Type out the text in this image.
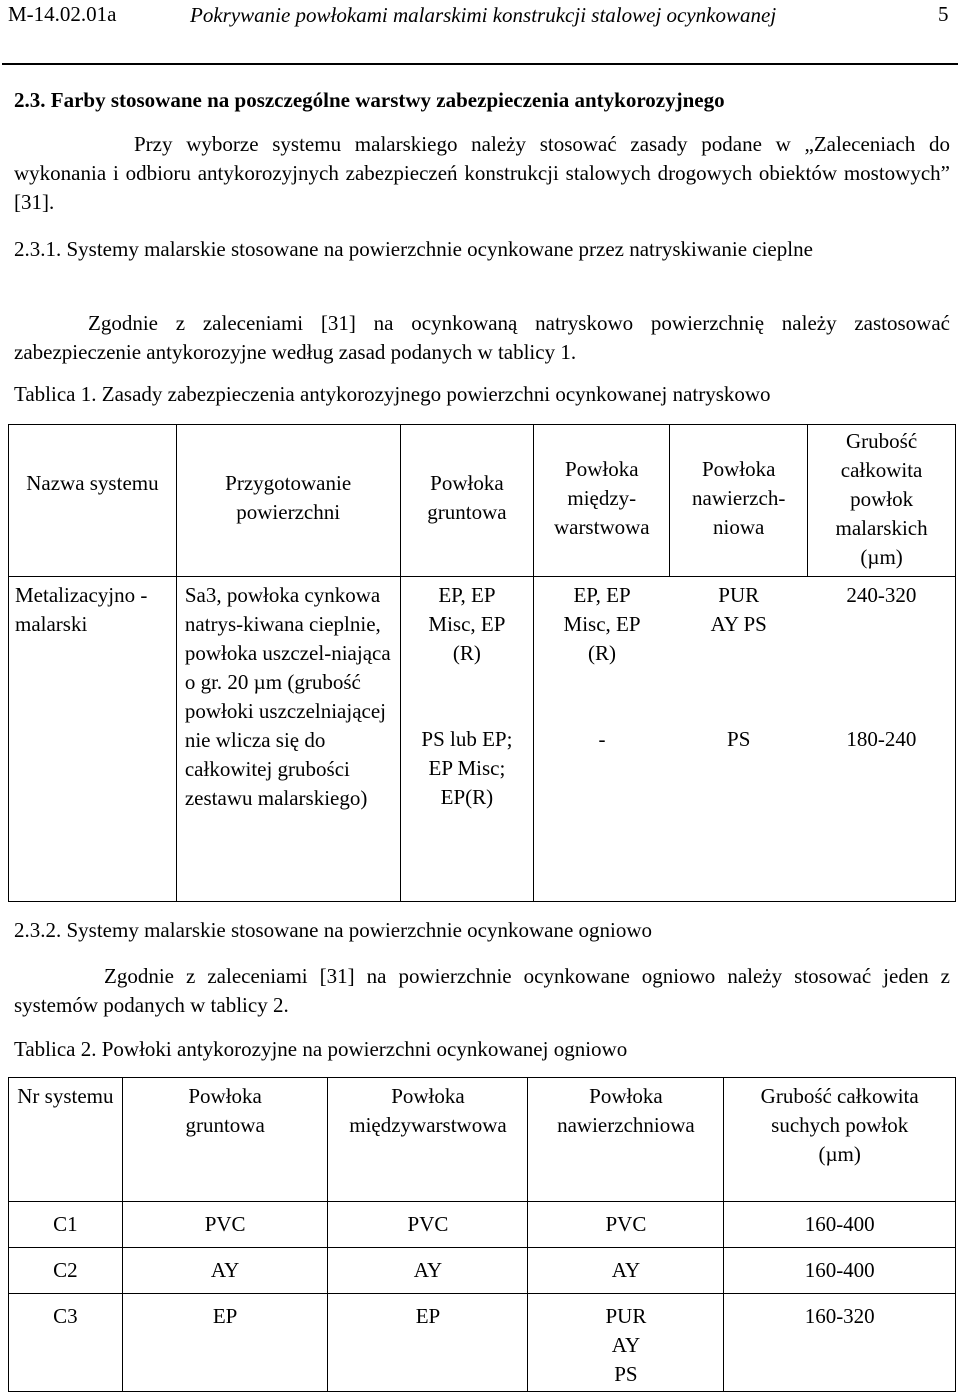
M-14.02.01a	Pokrywanie powłokami malarskimi konstrukcji stalowej ocynkowanej	5
2.3. Farby stosowane na poszczególne warstwy zabezpieczenia antykorozyjnego
Przy wyborze systemu malarskiego należy stosować zasady podane w „Zaleceniach do wykonania i odbioru antykorozyjnych zabezpieczeń konstrukcji stalowych drogowych obiektów mostowych” [31].
2.3.1. Systemy malarskie stosowane na powierzchnie ocynkowane przez natryskiwanie cieplne
Zgodnie z zaleceniami [31] na ocynkowaną natryskowo powierzchnię należy zastosować zabezpieczenie antykorozyjne według zasad podanych w tablicy 1.
Tablica 1. Zasady zabezpieczenia antykorozyjnego powierzchni ocynkowanej natryskowo
Nazwa systemu	Przygotowanie powierzchni	Powłoka gruntowa	Powłoka między-warstwowa	Powłoka nawierzch-niowa	Grubość całkowita powłok malarskich (µm)
Metalizacyjno -malarski	Sa3, powłoka cynkowa natrys-kiwana cieplnie, powłoka uszczel-niająca o gr. 20 µm (grubość powłoki uszczelniającej nie wlicza się do całkowitej grubości zestawu malarskiego)	EP, EP Misc, EP (R)	EP, EP Misc, EP (R)	PUR AY PS	240-320
		PS lub EP; EP Misc; EP(R)	-	PS	180-240
2.3.2. Systemy malarskie stosowane na powierzchnie ocynkowane ogniowo
Zgodnie z zaleceniami [31] na powierzchnie ocynkowane ogniowo należy stosować jeden z systemów podanych w tablicy 2.
Tablica 2. Powłoki antykorozyjne na powierzchni ocynkowanej ogniowo
Nr systemu	Powłoka gruntowa	Powłoka międzywarstwowa	Powłoka nawierzchniowa	Grubość całkowita suchych powłok (µm)
C1	PVC	PVC	PVC	160-400
C2	AY	AY	AY	160-400
C3	EP	EP	PUR AY PS	160-320
